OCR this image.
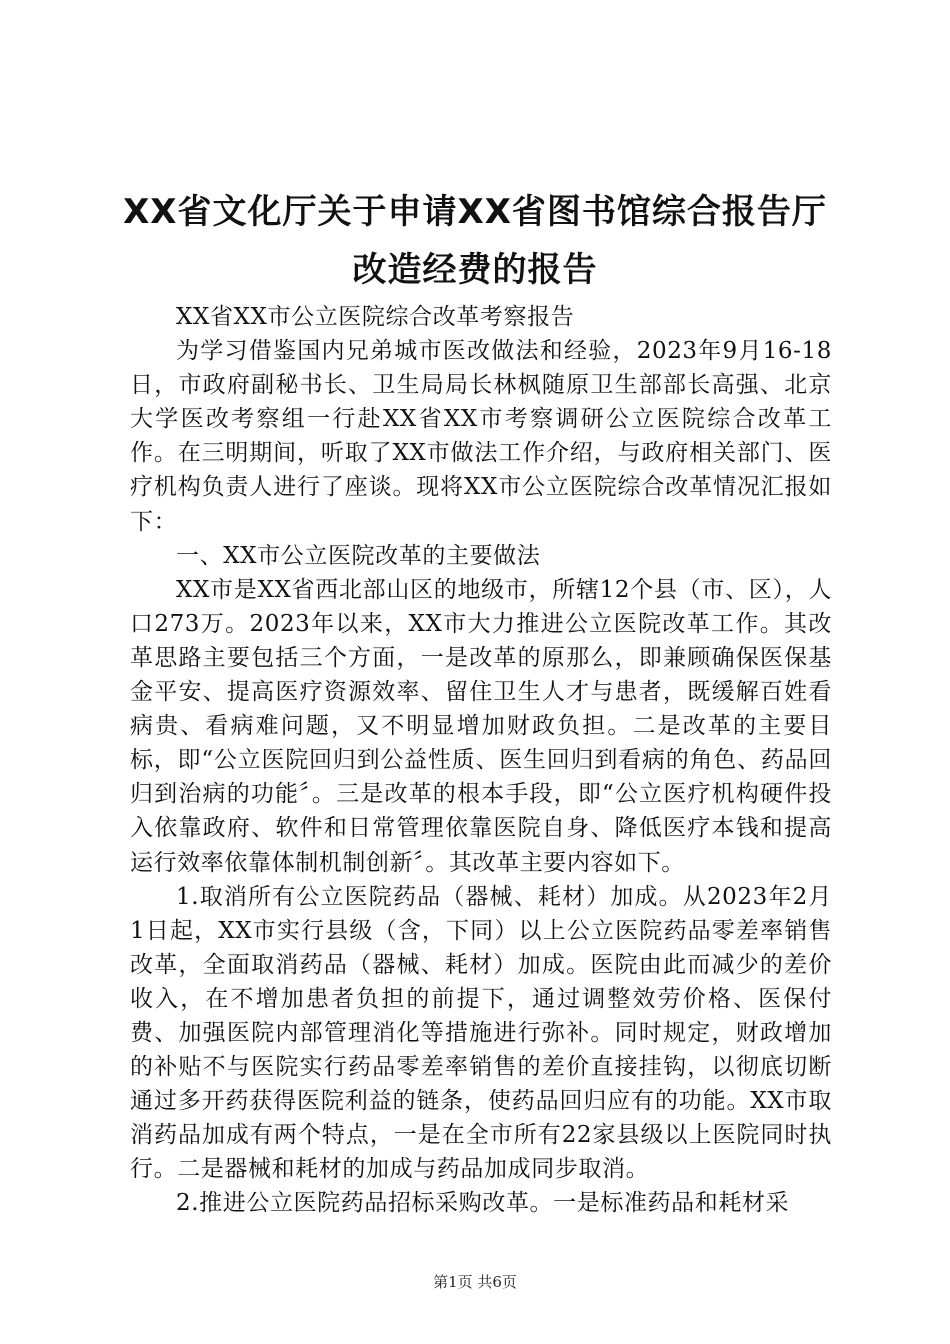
XX省文化厅关于申请XX省图书馆综合报告厅
改造经费的报告

XX省XX市公立医院综合改革考察报告

为学习借鉴国内兄弟城市医改做法和经验，2023年9月16-18日，市政府副秘书长、卫生局局长林枫随原卫生部部长高强、北京大学医改考察组一行赴XX省XX市考察调研公立医院综合改革工作。在三明期间，听取了XX市做法工作介绍，与政府相关部门、医疗机构负责人进行了座谈。现将XX市公立医院综合改革情况汇报如下：

一、XX市公立医院改革的主要做法

XX市是XX省西北部山区的地级市，所辖12个县（市、区），人口273万。2023年以来，XX市大力推进公立医院改革工作。其改革思路主要包括三个方面，一是改革的原那么，即兼顾确保医保基金平安、提高医疗资源效率、留住卫生人才与患者，既缓解百姓看病贵、看病难问题，又不明显增加财政负担。二是改革的主要目标，即“公立医院回归到公益性质、医生回归到看病的角色、药品回归到治病的功能〞。三是改革的根本手段，即“公立医疗机构硬件投入依靠政府、软件和日常管理依靠医院自身、降低医疗本钱和提高运行效率依靠体制机制创新〞。其改革主要内容如下。

1.取消所有公立医院药品（器械、耗材）加成。从2023年2月1日起，XX市实行县级（含，下同）以上公立医院药品零差率销售改革，全面取消药品（器械、耗材）加成。医院由此而减少的差价收入，在不增加患者负担的前提下，通过调整效劳价格、医保付费、加强医院内部管理消化等措施进行弥补。同时规定，财政增加的补贴不与医院实行药品零差率销售的差价直接挂钩，以彻底切断通过多开药获得医院利益的链条，使药品回归应有的功能。XX市取消药品加成有两个特点，一是在全市所有22家县级以上医院同时执行。二是器械和耗材的加成与药品加成同步取消。

2.推进公立医院药品招标采购改革。一是标准药品和耗材采

第1页 共6页
